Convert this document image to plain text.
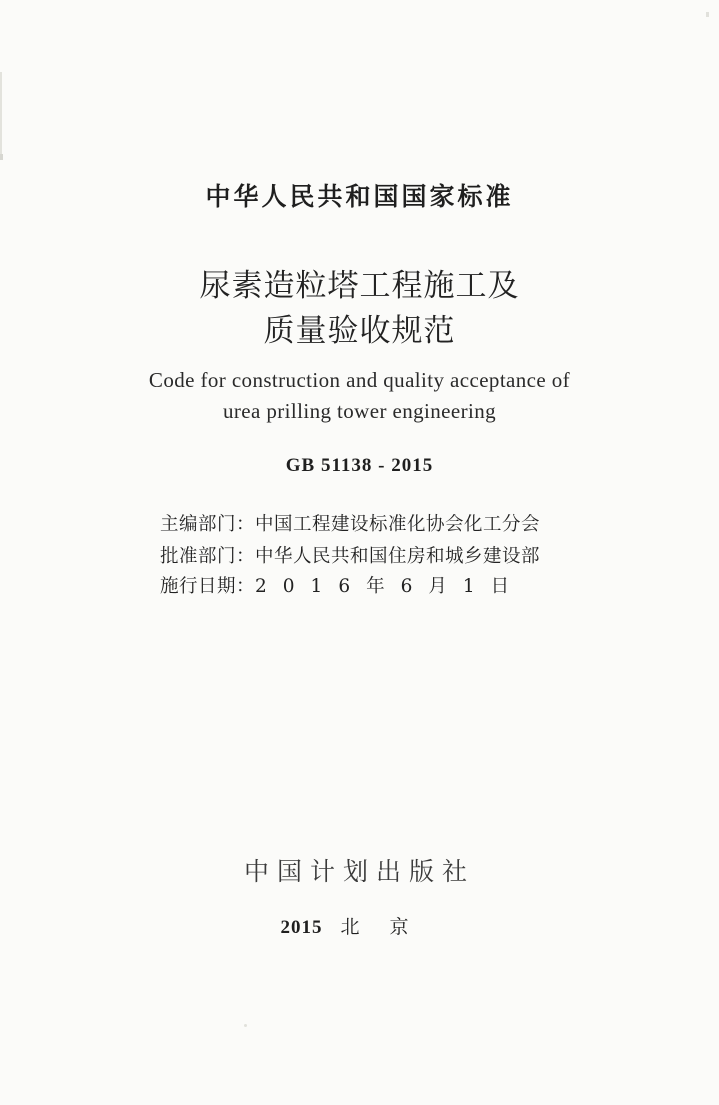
中华人民共和国国家标准
尿素造粒塔工程施工及
质量验收规范
Code for construction and quality acceptance of
urea prilling tower engineering
GB 51138 - 2015
主编部门：中国工程建设标准化协会化工分会
批准部门：中华人民共和国住房和城乡建设部
施行日期：2016年6月1日
中国计划出版社
2015 北京
